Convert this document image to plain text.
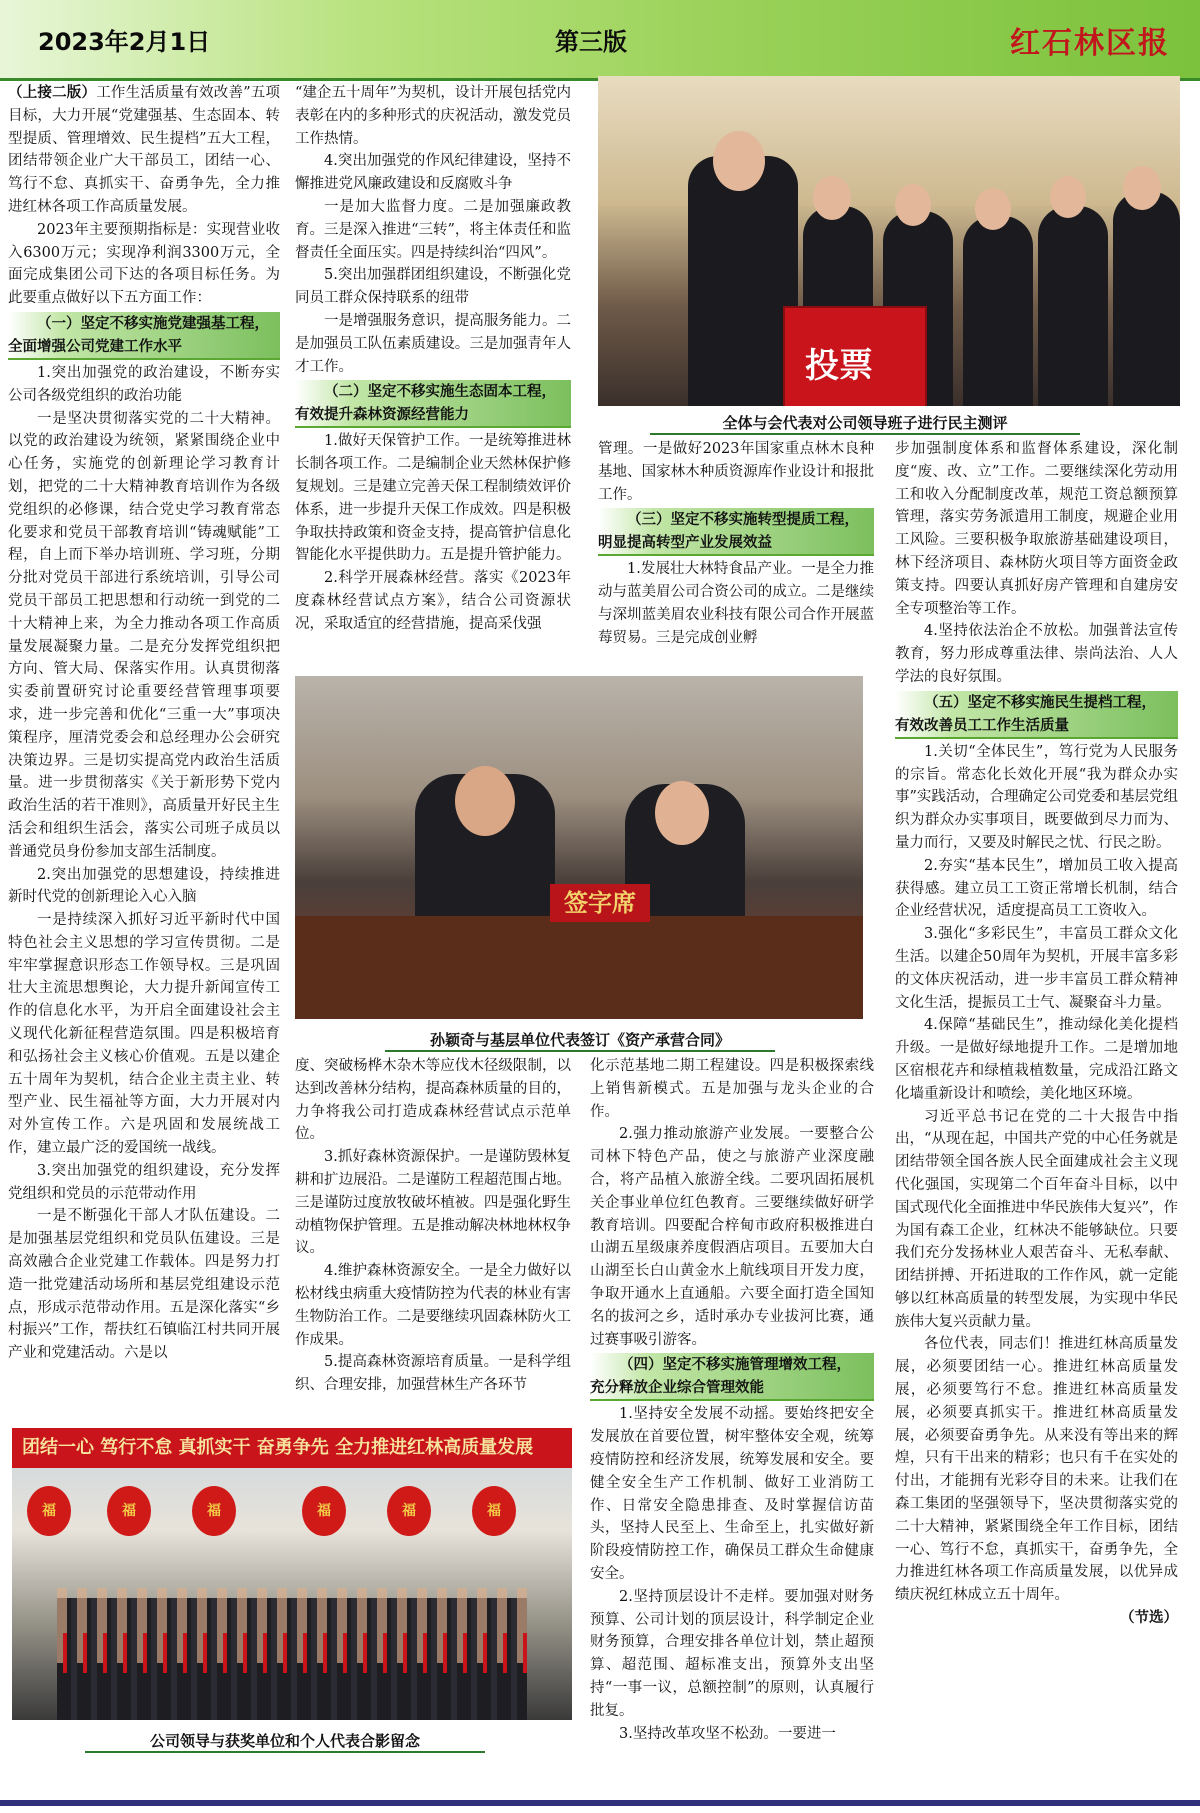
2023年2月1日	第三版	红石林区报

（上接二版）工作生活质量有效改善”五项目标，大力开展“党建强基、生态固本、转型提质、管理增效、民生提档”五大工程，团结带领企业广大干部员工，团结一心、笃行不怠、真抓实干、奋勇争先，全力推进红林各项工作高质量发展。

2023年主要预期指标是：实现营业收入6300万元；实现净利润3300万元，全面完成集团公司下达的各项目标任务。为此要重点做好以下五方面工作：

（一）坚定不移实施党建强基工程，
全面增强公司党建工作水平

1.突出加强党的政治建设，不断夯实公司各级党组织的政治功能

一是坚决贯彻落实党的二十大精神。以党的政治建设为统领，紧紧围绕企业中心任务，实施党的创新理论学习教育计划，把党的二十大精神教育培训作为各级党组织的必修课，结合党史学习教育常态化要求和党员干部教育培训“铸魂赋能”工程，自上而下举办培训班、学习班，分期分批对党员干部进行系统培训，引导公司党员干部员工把思想和行动统一到党的二十大精神上来，为全力推动各项工作高质量发展凝聚力量。二是充分发挥党组织把方向、管大局、保落实作用。认真贯彻落实委前置研究讨论重要经营管理事项要求，进一步完善和优化“三重一大”事项决策程序，厘清党委会和总经理办公会研究决策边界。三是切实提高党内政治生活质量。进一步贯彻落实《关于新形势下党内政治生活的若干准则》，高质量开好民主生活会和组织生活会，落实公司班子成员以普通党员身份参加支部生活制度。

2.突出加强党的思想建设，持续推进新时代党的创新理论入心入脑

一是持续深入抓好习近平新时代中国特色社会主义思想的学习宣传贯彻。二是牢牢掌握意识形态工作领导权。三是巩固壮大主流思想舆论，大力提升新闻宣传工作的信息化水平，为开启全面建设社会主义现代化新征程营造氛围。四是积极培育和弘扬社会主义核心价值观。五是以建企五十周年为契机，结合企业主责主业、转型产业、民生福祉等方面，大力开展对内对外宣传工作。六是巩固和发展统战工作，建立最广泛的爱国统一战线。

3.突出加强党的组织建设，充分发挥党组织和党员的示范带动作用

一是不断强化干部人才队伍建设。二是加强基层党组织和党员队伍建设。三是高效融合企业党建工作载体。四是努力打造一批党建活动场所和基层党组建设示范点，形成示范带动作用。五是深化落实“乡村振兴”工作，帮扶红石镇临江村共同开展产业和党建活动。六是以

“建企五十周年”为契机，设计开展包括党内表彰在内的多种形式的庆祝活动，激发党员工作热情。

4.突出加强党的作风纪律建设，坚持不懈推进党风廉政建设和反腐败斗争

一是加大监督力度。二是加强廉政教育。三是深入推进“三转”，将主体责任和监督责任全面压实。四是持续纠治“四风”。

5.突出加强群团组织建设，不断强化党同员工群众保持联系的纽带

一是增强服务意识，提高服务能力。二是加强员工队伍素质建设。三是加强青年人才工作。

（二）坚定不移实施生态固本工程，
有效提升森林资源经营能力

1.做好天保管护工作。一是统筹推进林长制各项工作。二是编制企业天然林保护修复规划。三是建立完善天保工程制绩效评价体系，进一步提升天保工作成效。四是积极争取扶持政策和资金支持，提高管护信息化智能化水平提供助力。五是提升管护能力。

2.科学开展森林经营。落实《2023年度森林经营试点方案》，结合公司资源状况，采取适宜的经营措施，提高采伐强

投票
全体与会代表对公司领导班子进行民主测评

管理。一是做好2023年国家重点林木良种基地、国家林木种质资源库作业设计和报批工作。

（三）坚定不移实施转型提质工程，
明显提高转型产业发展效益

1.发展壮大林特食品产业。一是全力推动与蓝美眉公司合资公司的成立。二是继续与深圳蓝美眉农业科技有限公司合作开展蓝莓贸易。三是完成创业孵

步加强制度体系和监督体系建设，深化制度“废、改、立”工作。二要继续深化劳动用工和收入分配制度改革，规范工资总额预算管理，落实劳务派遣用工制度，规避企业用工风险。三要积极争取旅游基础建设项目，林下经济项目、森林防火项目等方面资金政策支持。四要认真抓好房产管理和自建房安全专项整治等工作。

4.坚持依法治企不放松。加强普法宣传教育，努力形成尊重法律、崇尚法治、人人学法的良好氛围。

（五）坚定不移实施民生提档工程，
有效改善员工工作生活质量

1.关切“全体民生”，笃行党为人民服务的宗旨。常态化长效化开展“我为群众办实事”实践活动，合理确定公司党委和基层党组织为群众办实事项目，既要做到尽力而为、量力而行，又要及时解民之忧、行民之盼。

2.夯实“基本民生”，增加员工收入提高获得感。建立员工工资正常增长机制，结合企业经营状况，适度提高员工工资收入。

3.强化“多彩民生”，丰富员工群众文化生活。以建企50周年为契机，开展丰富多彩的文体庆祝活动，进一步丰富员工群众精神文化生活，提振员工士气、凝聚奋斗力量。

4.保障“基础民生”，推动绿化美化提档升级。一是做好绿地提升工作。二是增加地区宿根花卉和绿植栽植数量，完成沿江路文化墙重新设计和喷绘，美化地区环境。

习近平总书记在党的二十大报告中指出，“从现在起，中国共产党的中心任务就是团结带领全国各族人民全面建成社会主义现代化强国，实现第二个百年奋斗目标，以中国式现代化全面推进中华民族伟大复兴”，作为国有森工企业，红林决不能够缺位。只要我们充分发扬林业人艰苦奋斗、无私奉献、团结拼搏、开拓进取的工作作风，就一定能够以红林高质量的转型发展，为实现中华民族伟大复兴贡献力量。

各位代表，同志们！推进红林高质量发展，必须要团结一心。推进红林高质量发展，必须要笃行不怠。推进红林高质量发展，必须要真抓实干。推进红林高质量发展，必须要奋勇争先。从来没有等出来的辉煌，只有干出来的精彩；也只有千在实处的付出，才能拥有光彩夺目的未来。让我们在森工集团的坚强领导下，坚决贯彻落实党的二十大精神，紧紧围绕全年工作目标，团结一心、笃行不怠，真抓实干，奋勇争先，全力推进红林各项工作高质量发展，以优异成绩庆祝红林成立五十周年。

（节选）

签字席
孙颖奇与基层单位代表签订《资产承营合同》

度、突破杨桦木杂木等应伐木径级限制，以达到改善林分结构，提高森林质量的目的，力争将我公司打造成森林经营试点示范单位。

3.抓好森林资源保护。一是谨防毁林复耕和扩边展沿。二是谨防工程超范围占地。三是谨防过度放牧破坏植被。四是强化野生动植物保护管理。五是推动解决林地林权争议。

4.维护森林资源安全。一是全力做好以松材线虫病重大疫情防控为代表的林业有害生物防治工作。二是要继续巩固森林防火工作成果。

5.提高森林资源培育质量。一是科学组织、合理安排，加强营林生产各环节

化示范基地二期工程建设。四是积极探索线上销售新模式。五是加强与龙头企业的合作。

2.强力推动旅游产业发展。一要整合公司林下特色产品，使之与旅游产业深度融合，将产品植入旅游全线。二要巩固拓展机关企事业单位红色教育。三要继续做好研学教育培训。四要配合梓甸市政府积极推进白山湖五星级康养度假酒店项目。五要加大白山湖至长白山黄金水上航线项目开发力度，争取开通水上直通船。六要全面打造全国知名的拔河之乡，适时承办专业拔河比赛，通过赛事吸引游客。

（四）坚定不移实施管理增效工程，
充分释放企业综合管理效能

1.坚持安全发展不动摇。要始终把安全发展放在首要位置，树牢整体安全观，统筹疫情防控和经济发展，统筹发展和安全。要健全安全生产工作机制、做好工业消防工作、日常安全隐患排查、及时掌握信访苗头，坚持人民至上、生命至上，扎实做好新阶段疫情防控工作，确保员工群众生命健康安全。

2.坚持顶层设计不走样。要加强对财务预算、公司计划的顶层设计，科学制定企业财务预算，合理安排各单位计划，禁止超预算、超范围、超标准支出，预算外支出坚持“一事一议，总额控制”的原则，认真履行批复。

3.坚持改革攻坚不松劲。一要进一

团结一心 笃行不怠 真抓实干 奋勇争先 全力推进红林高质量发展
福	福	福	福	福	福
公司领导与获奖单位和个人代表合影留念
